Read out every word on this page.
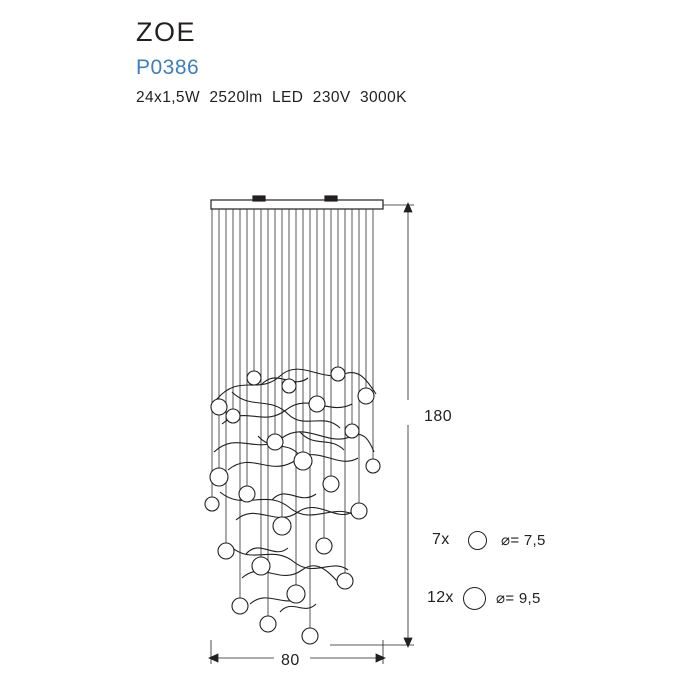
ZOE

P0386

24x1,5W  2520lm  LED  230V  3000K

180
80
7x	⌀= 7,5
12x	⌀= 9,5
